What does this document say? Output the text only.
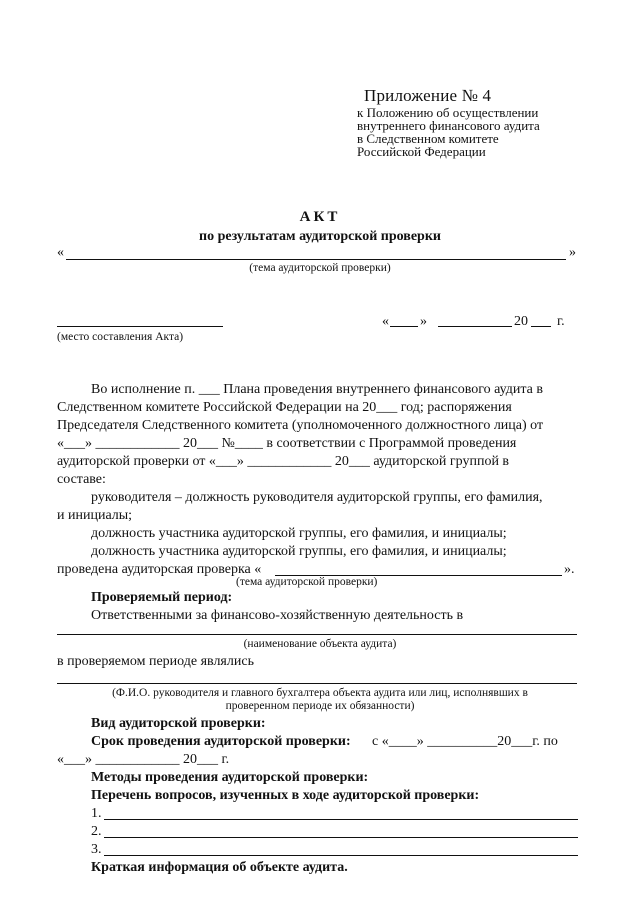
Приложение № 4
к Положению об осуществлении
внутреннего финансового аудита
в Следственном комитете
Российской Федерации
АКТ
по результатам аудиторской проверки
«	»
(тема аудиторской проверки)
« »	20 г.
(место составления Акта)
Во исполнение п. ___ Плана проведения внутреннего финансового аудита в
Следственном комитете Российской Федерации на 20___ год; распоряжения
Председателя Следственного комитета (уполномоченного должностного лица) от
«___» ____________ 20___ №____ в соответствии с Программой проведения
аудиторской проверки от «___» ____________ 20___ аудиторской группой в
составе:
руководителя – должность руководителя аудиторской группы, его фамилия,
и инициалы;
должность участника аудиторской группы, его фамилия, и инициалы;
должность участника аудиторской группы, его фамилия, и инициалы;
проведена аудиторская проверка «	».
(тема аудиторской проверки)
Проверяемый период:
Ответственными за финансово-хозяйственную деятельность в
(наименование объекта аудита)
в проверяемом периоде являлись
(Ф.И.О. руководителя и главного бухгалтера объекта аудита или лиц, исполнявших в
проверенном периоде их обязанности)
Вид аудиторской проверки:
Срок проведения аудиторской проверки: с «____» __________20___г. по
«___» ____________ 20___ г.
Методы проведения аудиторской проверки:
Перечень вопросов, изученных в ходе аудиторской проверки:
1.
2.
3.
Краткая информация об объекте аудита.
